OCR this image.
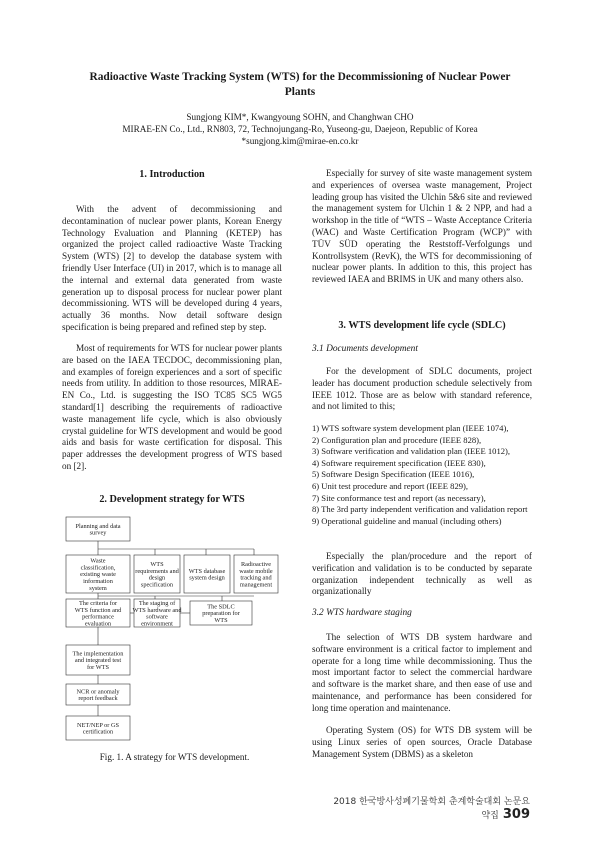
Radioactive Waste Tracking System (WTS) for the Decommissioning of Nuclear Power
Plants
Sungjong KIM*, Kwangyoung SOHN, and Changhwan CHO
MIRAE-EN Co., Ltd., RN803, 72, Technojungang-Ro, Yuseong-gu, Daejeon, Republic of Korea
*sungjong.kim@mirae-en.co.kr
1. Introduction

With the advent of decommissioning and decontamination of nuclear power plants, Korean Energy Technology Evaluation and Planning (KETEP) has organized the project called radioactive Waste Tracking System (WTS) [2] to develop the database system with friendly User Interface (UI) in 2017, which is to manage all the internal and external data generated from waste generation up to disposal process for nuclear power plant decommissioning. WTS will be developed during 4 years, actually 36 months. Now detail software design specification is being prepared and refined step by step.

Most of requirements for WTS for nuclear power plants are based on the IAEA TECDOC, decommissioning plan, and examples of foreign experiences and a sort of specific needs from utility. In addition to those resources, MIRAE-EN Co., Ltd. is suggesting the ISO TC85 SC5 WG5 standard[1] describing the requirements of radioactive waste management life cycle, which is also obviously crystal guideline for WTS development and would be good aids and basis for waste certification for disposal. This paper addresses the development progress of WTS based on [2].

2. Development strategy for WTS
Planning and data
survey
Waste
classification,
existing waste
information
system
WTS
requirements and
design
specification
WTS database
system design
Radioactive
waste mobile
tracking and
management
The criteria for
WTS function and
performance
evaluation
The staging of
WTS hardware and
software
environment
The SDLC
preparation for
WTS
The implementation
and integrated test
for WTS
NCR or anomaly
report feedback
NET/NEP or GS
certification
Fig. 1. A strategy for WTS development.

Especially for survey of site waste management system and experiences of oversea waste management, Project leading group has visited the Ulchin 5&6 site and reviewed the management system for Ulchin 1 & 2 NPP, and had a workshop in the title of “WTS – Waste Acceptance Criteria (WAC) and Waste Certification Program (WCP)” with TÜV SÜD operating the Reststoff-Verfolgungs und Kontrollsystem (RevK), the WTS for decommissioning of nuclear power plants. In addition to this, this project has reviewed IAEA and BRIMS in UK and many others also.

3. WTS development life cycle (SDLC)
3.1 Documents development

For the development of SDLC documents, project leader has document production schedule selectively from IEEE 1012. Those are as below with standard reference, and not limited to this;

1) WTS software system development plan (IEEE 1074),
2) Configuration plan and procedure (IEEE 828),
3) Software verification and validation plan (IEEE 1012),
4) Software requirement specification (IEEE 830),
5) Software Design Specification (IEEE 1016),
6) Unit test procedure and report (IEEE 829),
7) Site conformance test and report (as necessary),
8) The 3rd party independent verification and validation report
9) Operational guideline and manual (including others)

Especially the plan/procedure and the report of verification and validation is to be conducted by separate organization independent technically as well as organizationally

3.2 WTS hardware staging

The selection of WTS DB system hardware and software environment is a critical factor to implement and operate for a long time while decommissioning. Thus the most important factor to select the commercial hardware and software is the market share, and then ease of use and maintenance, and performance has been considered for long time operation and maintenance.

Operating System (OS) for WTS DB system will be using Linux series of open sources, Oracle Database Management System (DBMS) as a skeleton

2018 한국방사성폐기물학회 춘계학술대회 논문요약집 309
